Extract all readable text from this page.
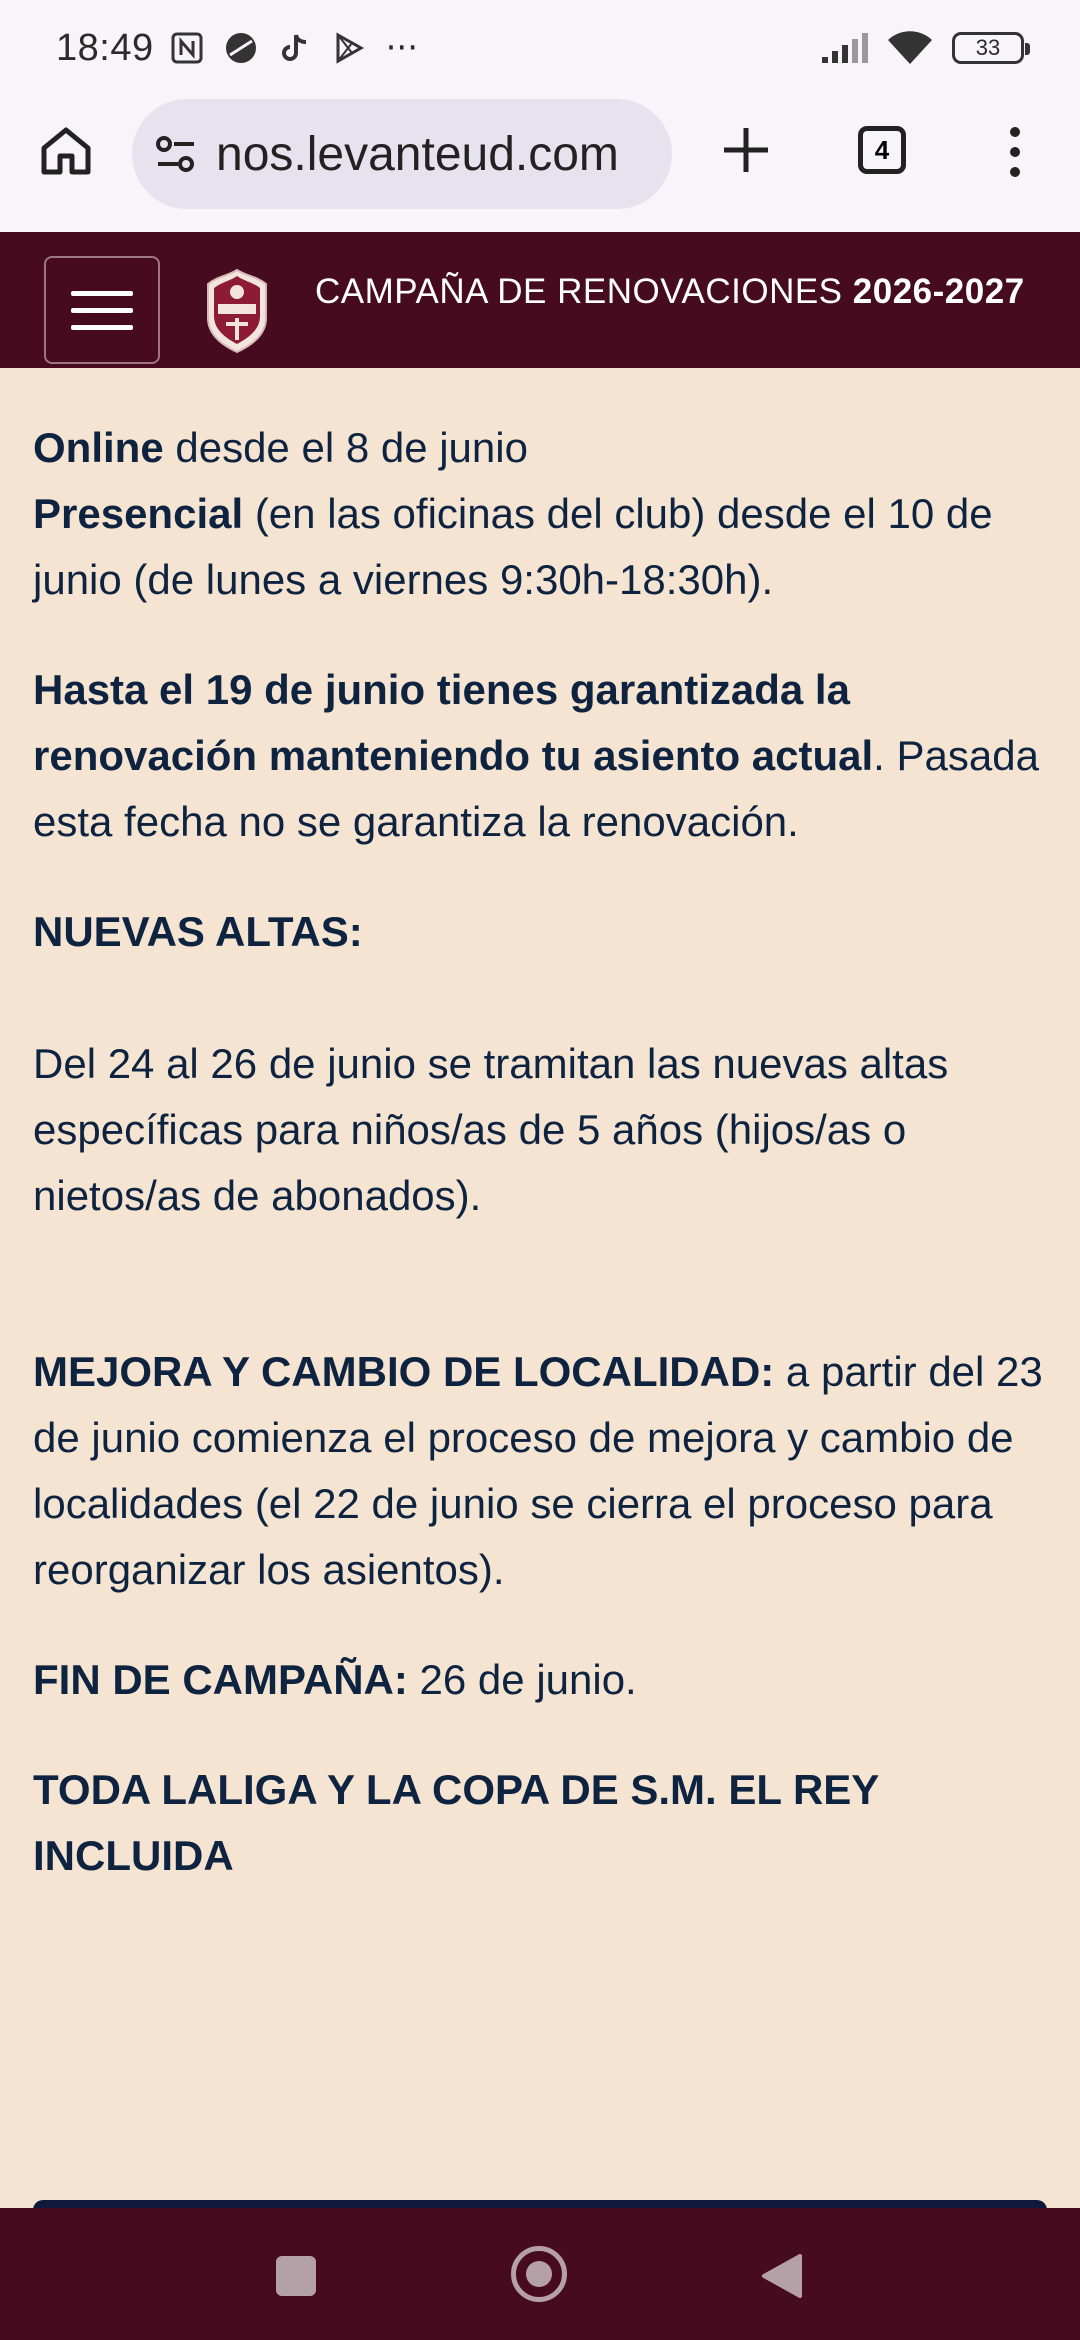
18:49	···	33
nos.levanteud.com	4
CAMPAÑA DE RENOVACIONES 2026-2027

Online desde el 8 de junio

Presencial (en las oficinas del club) desde el 10 de junio (de lunes a viernes 9:30h-18:30h).

Hasta el 19 de junio tienes garantizada la renovación manteniendo tu asiento actual. Pasada esta fecha no se garantiza la renovación.

NUEVAS ALTAS:

Del 24 al 26 de junio se tramitan las nuevas altas específicas para niños/as de 5 años (hijos/as o nietos/as de abonados).

MEJORA Y CAMBIO DE LOCALIDAD: a partir del 23 de junio comienza el proceso de mejora y cambio de localidades (el 22 de junio se cierra el proceso para reorganizar los asientos).

FIN DE CAMPAÑA: 26 de junio.

TODA LALIGA Y LA COPA DE S.M. EL REY INCLUIDA
